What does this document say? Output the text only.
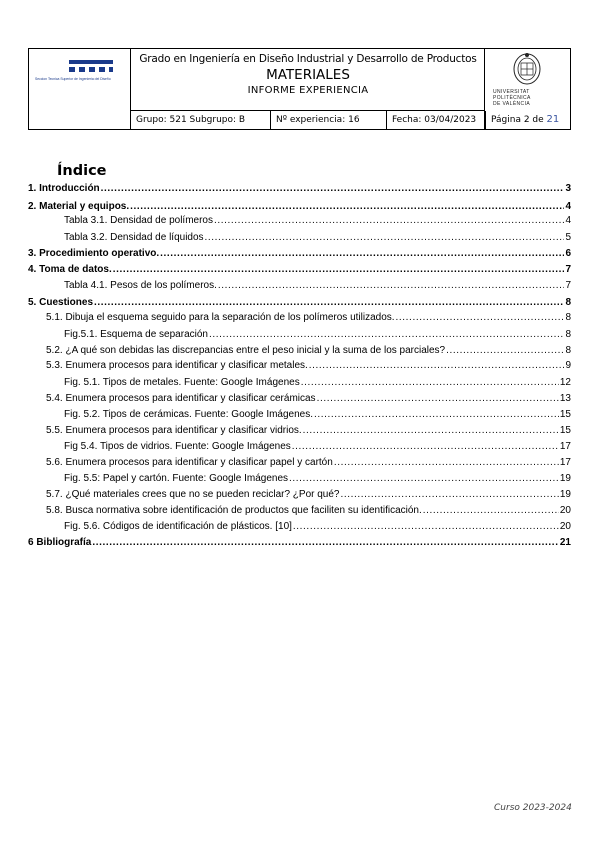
Seccion Tecnica Superior de Ingenieria del Diseño
Grado en Ingeniería en Diseño Industrial y Desarrollo de Productos
MATERIALES
INFORME EXPERIENCIA	UNIVERSITAT POLITÈCNICA DE VALÈNCIA
Grupo: 521 Subgrupo: B	Nº experiencia: 16	Fecha: 03/04/2023	Página 2 de 21
Índice
1. Introducción .....	3
2. Material y equipos. .....	4
Tabla 3.1. Densidad de polímeros .....	4
Tabla 3.2. Densidad de líquidos .....	5
3. Procedimiento operativo. .....	6
4. Toma de datos. .....	7
Tabla 4.1. Pesos de los polímeros. .....	7
5. Cuestiones .....	8
5.1. Dibuja el esquema seguido para la separación de los polímeros utilizados. .....	8
Fig.5.1. Esquema de separación .....	8
5.2. ¿A qué son debidas las discrepancias entre el peso inicial y la suma de los parciales? .....	8
5.3. Enumera procesos para identificar y clasificar metales. .....	9
Fig. 5.1. Tipos de metales. Fuente: Google Imágenes .....	12
5.4. Enumera procesos para identificar y clasificar cerámicas .....	13
Fig. 5.2. Tipos de cerámicas. Fuente: Google Imágenes. .....	15
5.5. Enumera procesos para identificar y clasificar vidrios. .....	15
Fig 5.4. Tipos de vidrios. Fuente: Google Imágenes .....	17
5.6. Enumera procesos para identificar y clasificar papel y cartón .....	17
Fig. 5.5: Papel y cartón. Fuente: Google Imágenes .....	19
5.7. ¿Qué materiales crees que no se pueden reciclar? ¿Por qué? .....	19
5.8. Busca normativa sobre identificación de productos que faciliten su identificación. .....	20
Fig. 5.6. Códigos de identificación de plásticos. [10] .....	20
6 Bibliografía .....	21
Curso 2023-2024
